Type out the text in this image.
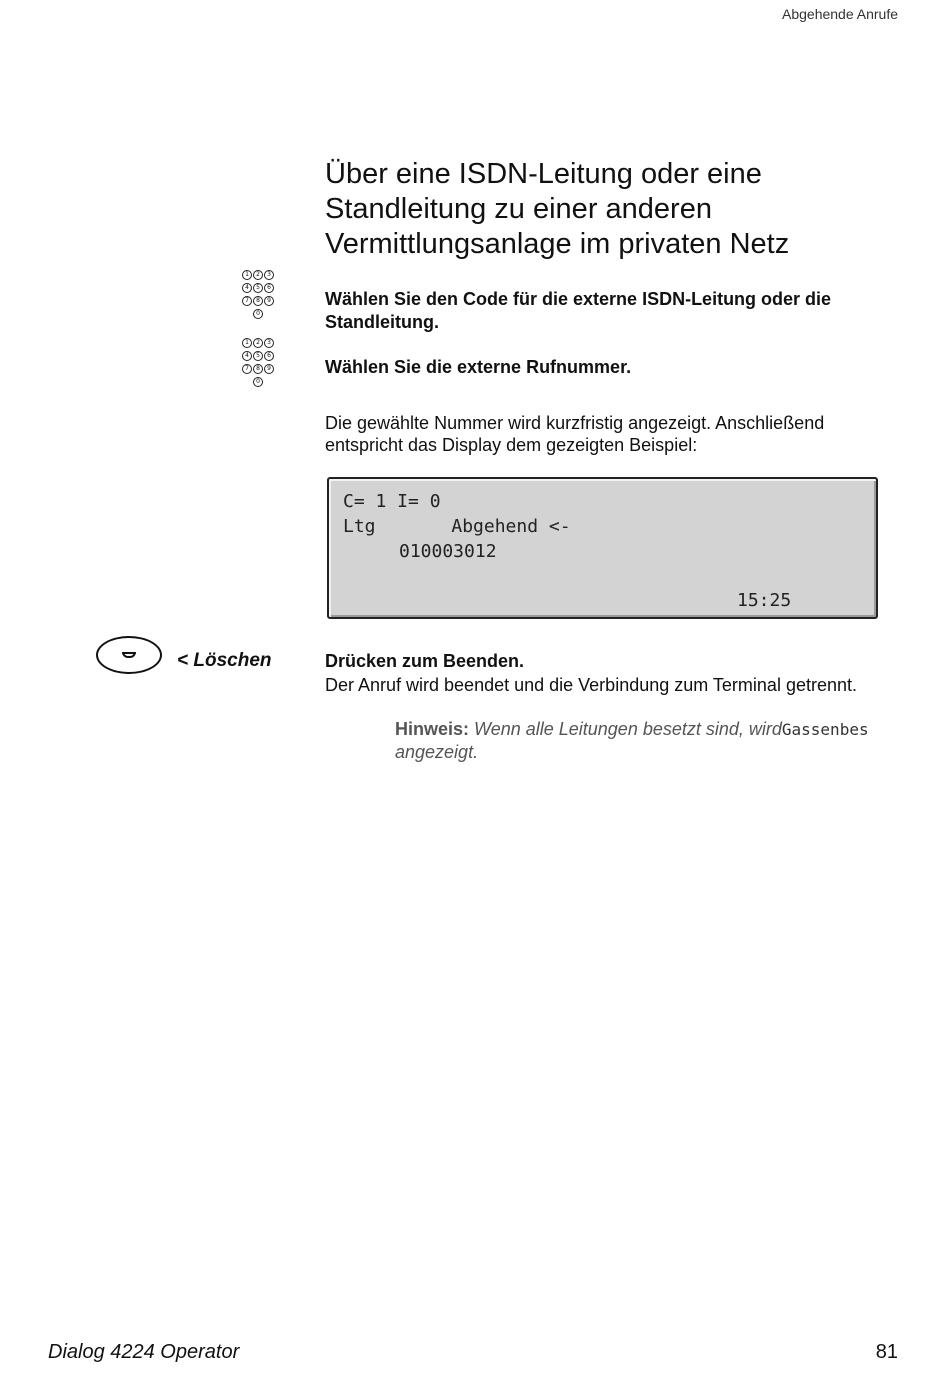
Abgehende Anrufe
Über eine ISDN-Leitung oder eine Standleitung zu einer anderen Vermittlungsanlage im privaten Netz
1	2	3
4	5	6
7	8	9
0
Wählen Sie den Code für die externe ISDN-Leitung oder die Standleitung.
1	2	3
4	5	6
7	8	9
0
Wählen Sie die externe Rufnummer.
Die gewählte Nummer wird kurzfristig angezeigt. Anschließend entspricht das Display dem gezeigten Beispiel:
C= 1 I= 0
Ltg       Abgehend <-
010003012
15:25
< Löschen	Drücken zum Beenden.
Der Anruf wird beendet und die Verbindung zum Terminal getrennt.
Hinweis: Wenn alle Leitungen besetzt sind, wirdGassenbes
angezeigt.
Dialog 4224 Operator	81
